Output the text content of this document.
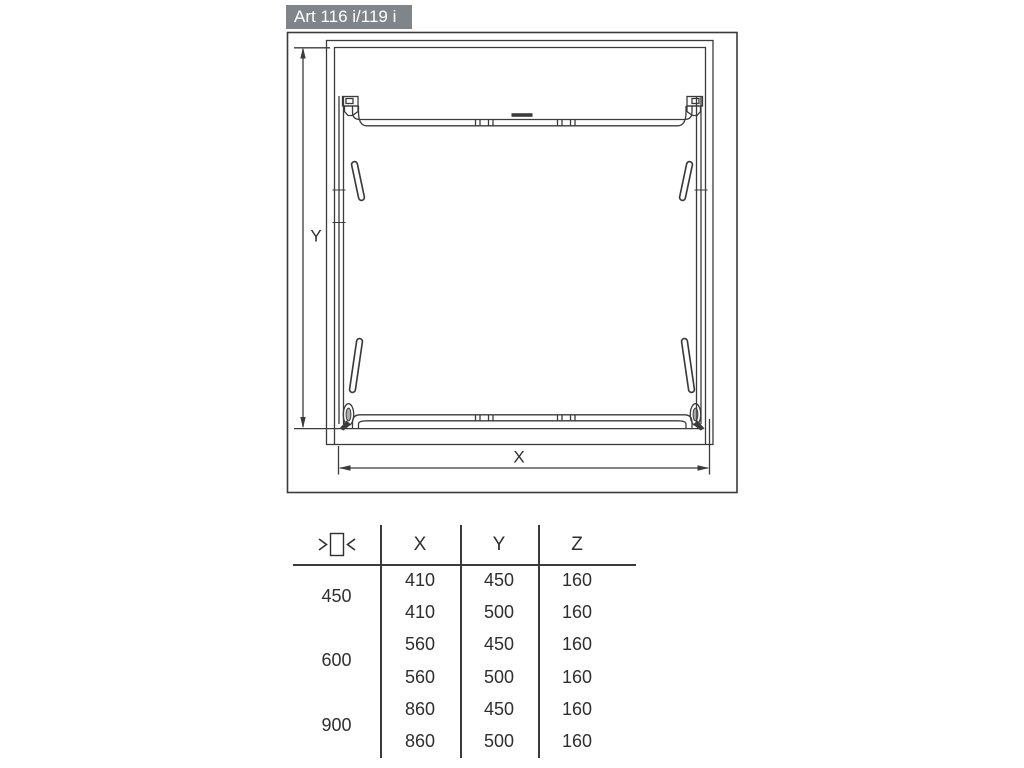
Art 116 i/119 i
Y
X
X	Y	Z
450
410	450	160
410	500	160
600
560	450	160
560	500	160
900
860	450	160
860	500	160
